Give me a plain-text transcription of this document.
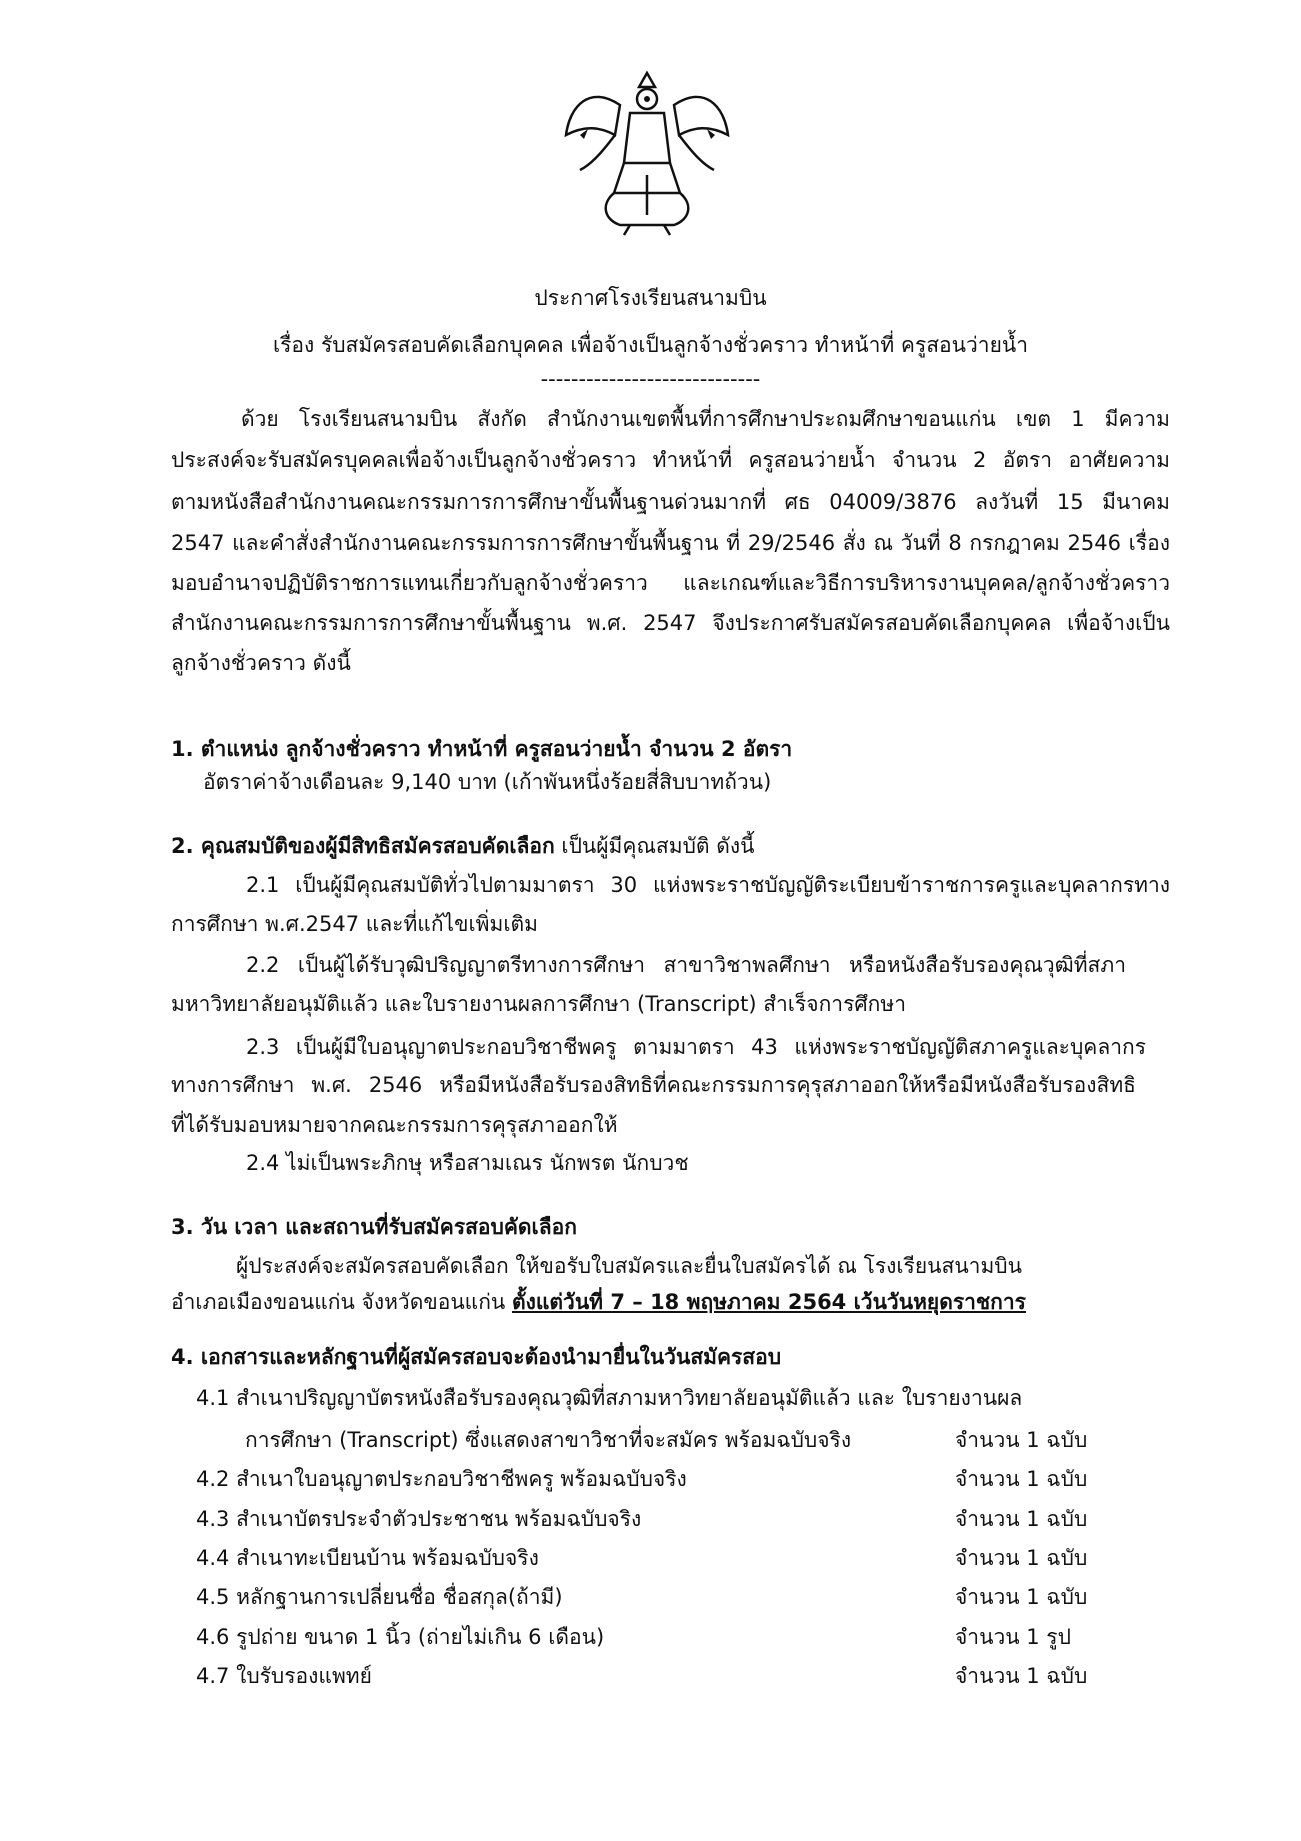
ประกาศโรงเรียนสนามบิน
เรื่อง รับสมัครสอบคัดเลือกบุคคล เพื่อจ้างเป็นลูกจ้างชั่วคราว ทำหน้าที่ ครูสอนว่ายน้ำ
-----------------------------
ด้วย โรงเรียนสนามบิน สังกัด สำนักงานเขตพื้นที่การศึกษาประถมศึกษาขอนแก่น เขต 1 มีความ
ประสงค์จะรับสมัครบุคคลเพื่อจ้างเป็นลูกจ้างชั่วคราว ทำหน้าที่ ครูสอนว่ายน้ำ จำนวน 2 อัตรา อาศัยความ
ตามหนังสือสำนักงานคณะกรรมการการศึกษาขั้นพื้นฐานด่วนมากที่ ศธ 04009/3876 ลงวันที่ 15 มีนาคม
2547 และคำสั่งสำนักงานคณะกรรมการการศึกษาขั้นพื้นฐาน ที่ 29/2546 สั่ง ณ วันที่ 8 กรกฎาคม 2546 เรื่อง
มอบอำนาจปฏิบัติราชการแทนเกี่ยวกับลูกจ้างชั่วคราว และเกณฑ์และวิธีการบริหารงานบุคคล/ลูกจ้างชั่วคราว
สำนักงานคณะกรรมการการศึกษาขั้นพื้นฐาน พ.ศ. 2547 จึงประกาศรับสมัครสอบคัดเลือกบุคคล เพื่อจ้างเป็น
ลูกจ้างชั่วคราว ดังนี้
1. ตำแหน่ง ลูกจ้างชั่วคราว ทำหน้าที่ ครูสอนว่ายน้ำ จำนวน 2 อัตรา
อัตราค่าจ้างเดือนละ 9,140 บาท (เก้าพันหนึ่งร้อยสี่สิบบาทถ้วน)
2. คุณสมบัติของผู้มีสิทธิสมัครสอบคัดเลือก เป็นผู้มีคุณสมบัติ ดังนี้
2.1 เป็นผู้มีคุณสมบัติทั่วไปตามมาตรา 30 แห่งพระราชบัญญัติระเบียบข้าราชการครูและบุคลากรทาง
การศึกษา พ.ศ.2547 และที่แก้ไขเพิ่มเติม
2.2 เป็นผู้ได้รับวุฒิปริญญาตรีทางการศึกษา สาขาวิชาพลศึกษา หรือหนังสือรับรองคุณวุฒิที่สภา
มหาวิทยาลัยอนุมัติแล้ว และใบรายงานผลการศึกษา (Transcript) สำเร็จการศึกษา
2.3 เป็นผู้มีใบอนุญาตประกอบวิชาชีพครู ตามมาตรา 43 แห่งพระราชบัญญัติสภาครูและบุคลากร
ทางการศึกษา พ.ศ. 2546 หรือมีหนังสือรับรองสิทธิที่คณะกรรมการคุรุสภาออกให้หรือมีหนังสือรับรองสิทธิ
ที่ได้รับมอบหมายจากคณะกรรมการคุรุสภาออกให้
2.4 ไม่เป็นพระภิกษุ หรือสามเณร นักพรต นักบวช
3. วัน เวลา และสถานที่รับสมัครสอบคัดเลือก
ผู้ประสงค์จะสมัครสอบคัดเลือก ให้ขอรับใบสมัครและยื่นใบสมัครได้ ณ โรงเรียนสนามบิน
อำเภอเมืองขอนแก่น จังหวัดขอนแก่น ตั้งแต่วันที่ 7 – 18 พฤษภาคม 2564 เว้นวันหยุดราชการ
4. เอกสารและหลักฐานที่ผู้สมัครสอบจะต้องนำมายื่นในวันสมัครสอบ
4.1 สำเนาปริญญาบัตรหนังสือรับรองคุณวุฒิที่สภามหาวิทยาลัยอนุมัติแล้ว และ ใบรายงานผล
การศึกษา (Transcript) ซึ่งแสดงสาขาวิชาที่จะสมัคร พร้อมฉบับจริง	จำนวน 1 ฉบับ
4.2 สำเนาใบอนุญาตประกอบวิชาชีพครู พร้อมฉบับจริง	จำนวน 1 ฉบับ
4.3 สำเนาบัตรประจำตัวประชาชน พร้อมฉบับจริง	จำนวน 1 ฉบับ
4.4 สำเนาทะเบียนบ้าน พร้อมฉบับจริง	จำนวน 1 ฉบับ
4.5 หลักฐานการเปลี่ยนชื่อ ชื่อสกุล(ถ้ามี)	จำนวน 1 ฉบับ
4.6 รูปถ่าย ขนาด 1 นิ้ว (ถ่ายไม่เกิน 6 เดือน)	จำนวน 1 รูป
4.7 ใบรับรองแพทย์	จำนวน 1 ฉบับ
